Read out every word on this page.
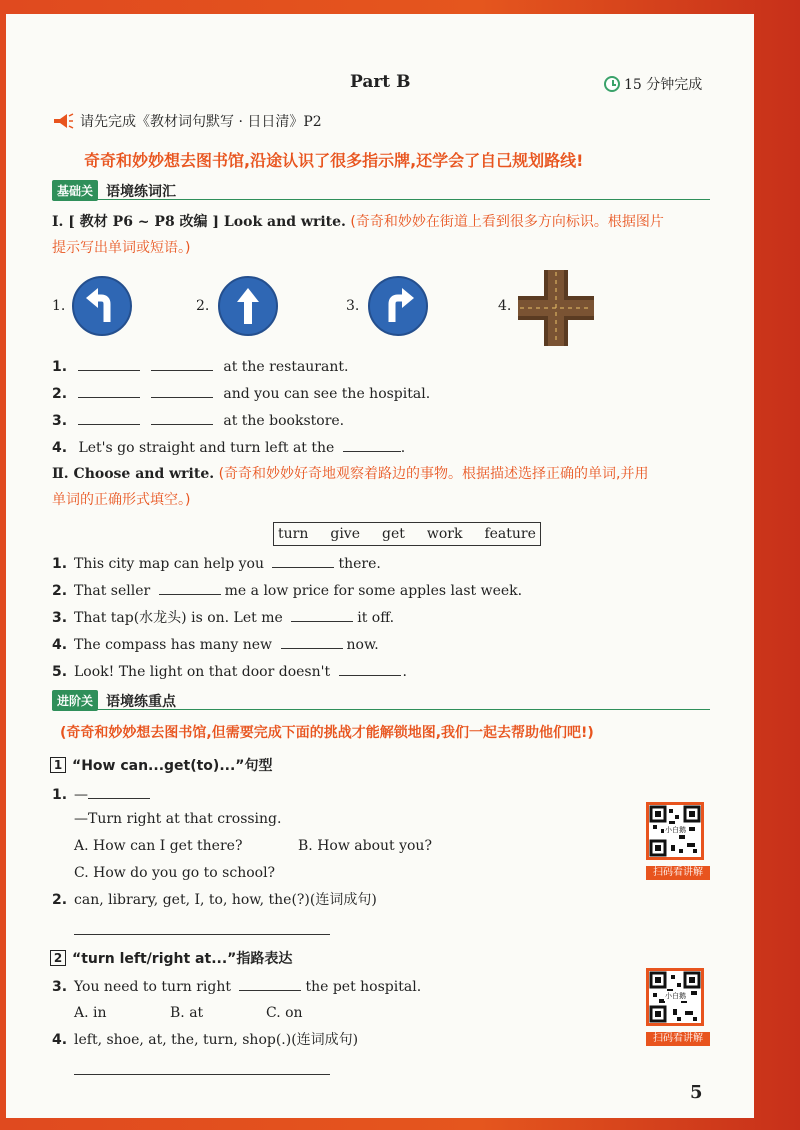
Part B	15 分钟完成
请先完成《教材词句默写 · 日日清》P2
奇奇和妙妙想去图书馆,沿途认识了很多指示牌,还学会了自己规划路线!
基础关 语境练词汇
Ⅰ. [ 教材 P6 ~ P8 改编 ] Look and write. (奇奇和妙妙在街道上看到很多方向标识。根据图片
提示写出单词或短语。)
1.	2.	3.	4.
1.	at the restaurant.
2.	and you can see the hospital.
3.	at the bookstore.
4. Let's go straight and turn left at the	.
Ⅱ. Choose and write. (奇奇和妙妙好奇地观察着路边的事物。根据描述选择正确的单词,并用
单词的正确形式填空。)
turn give get work feature
1. This city map can help you	there.
2. That seller	me a low price for some apples last week.
3. That tap(水龙头) is on. Let me	it off.
4. The compass has many new	now.
5. Look! The light on that door doesn't	.
进阶关 语境练重点
(奇奇和妙妙想去图书馆,但需要完成下面的挑战才能解锁地图,我们一起去帮助他们吧!)
1 “How can...get(to)...”句型
1. —
—Turn right at that crossing.
A. How can I get there?	B. How about you?
C. How do you go to school?
2. can, library, get, I, to, how, the(?)(连词成句)
2 “turn left/right at...”指路表达
3. You need to turn right	the pet hospital.
A. in	B. at	C. on
4. left, shoe, at, the, turn, shop(.)(连词成句)
小白鹅
扫码看讲解
小白鹅
扫码看讲解
5
